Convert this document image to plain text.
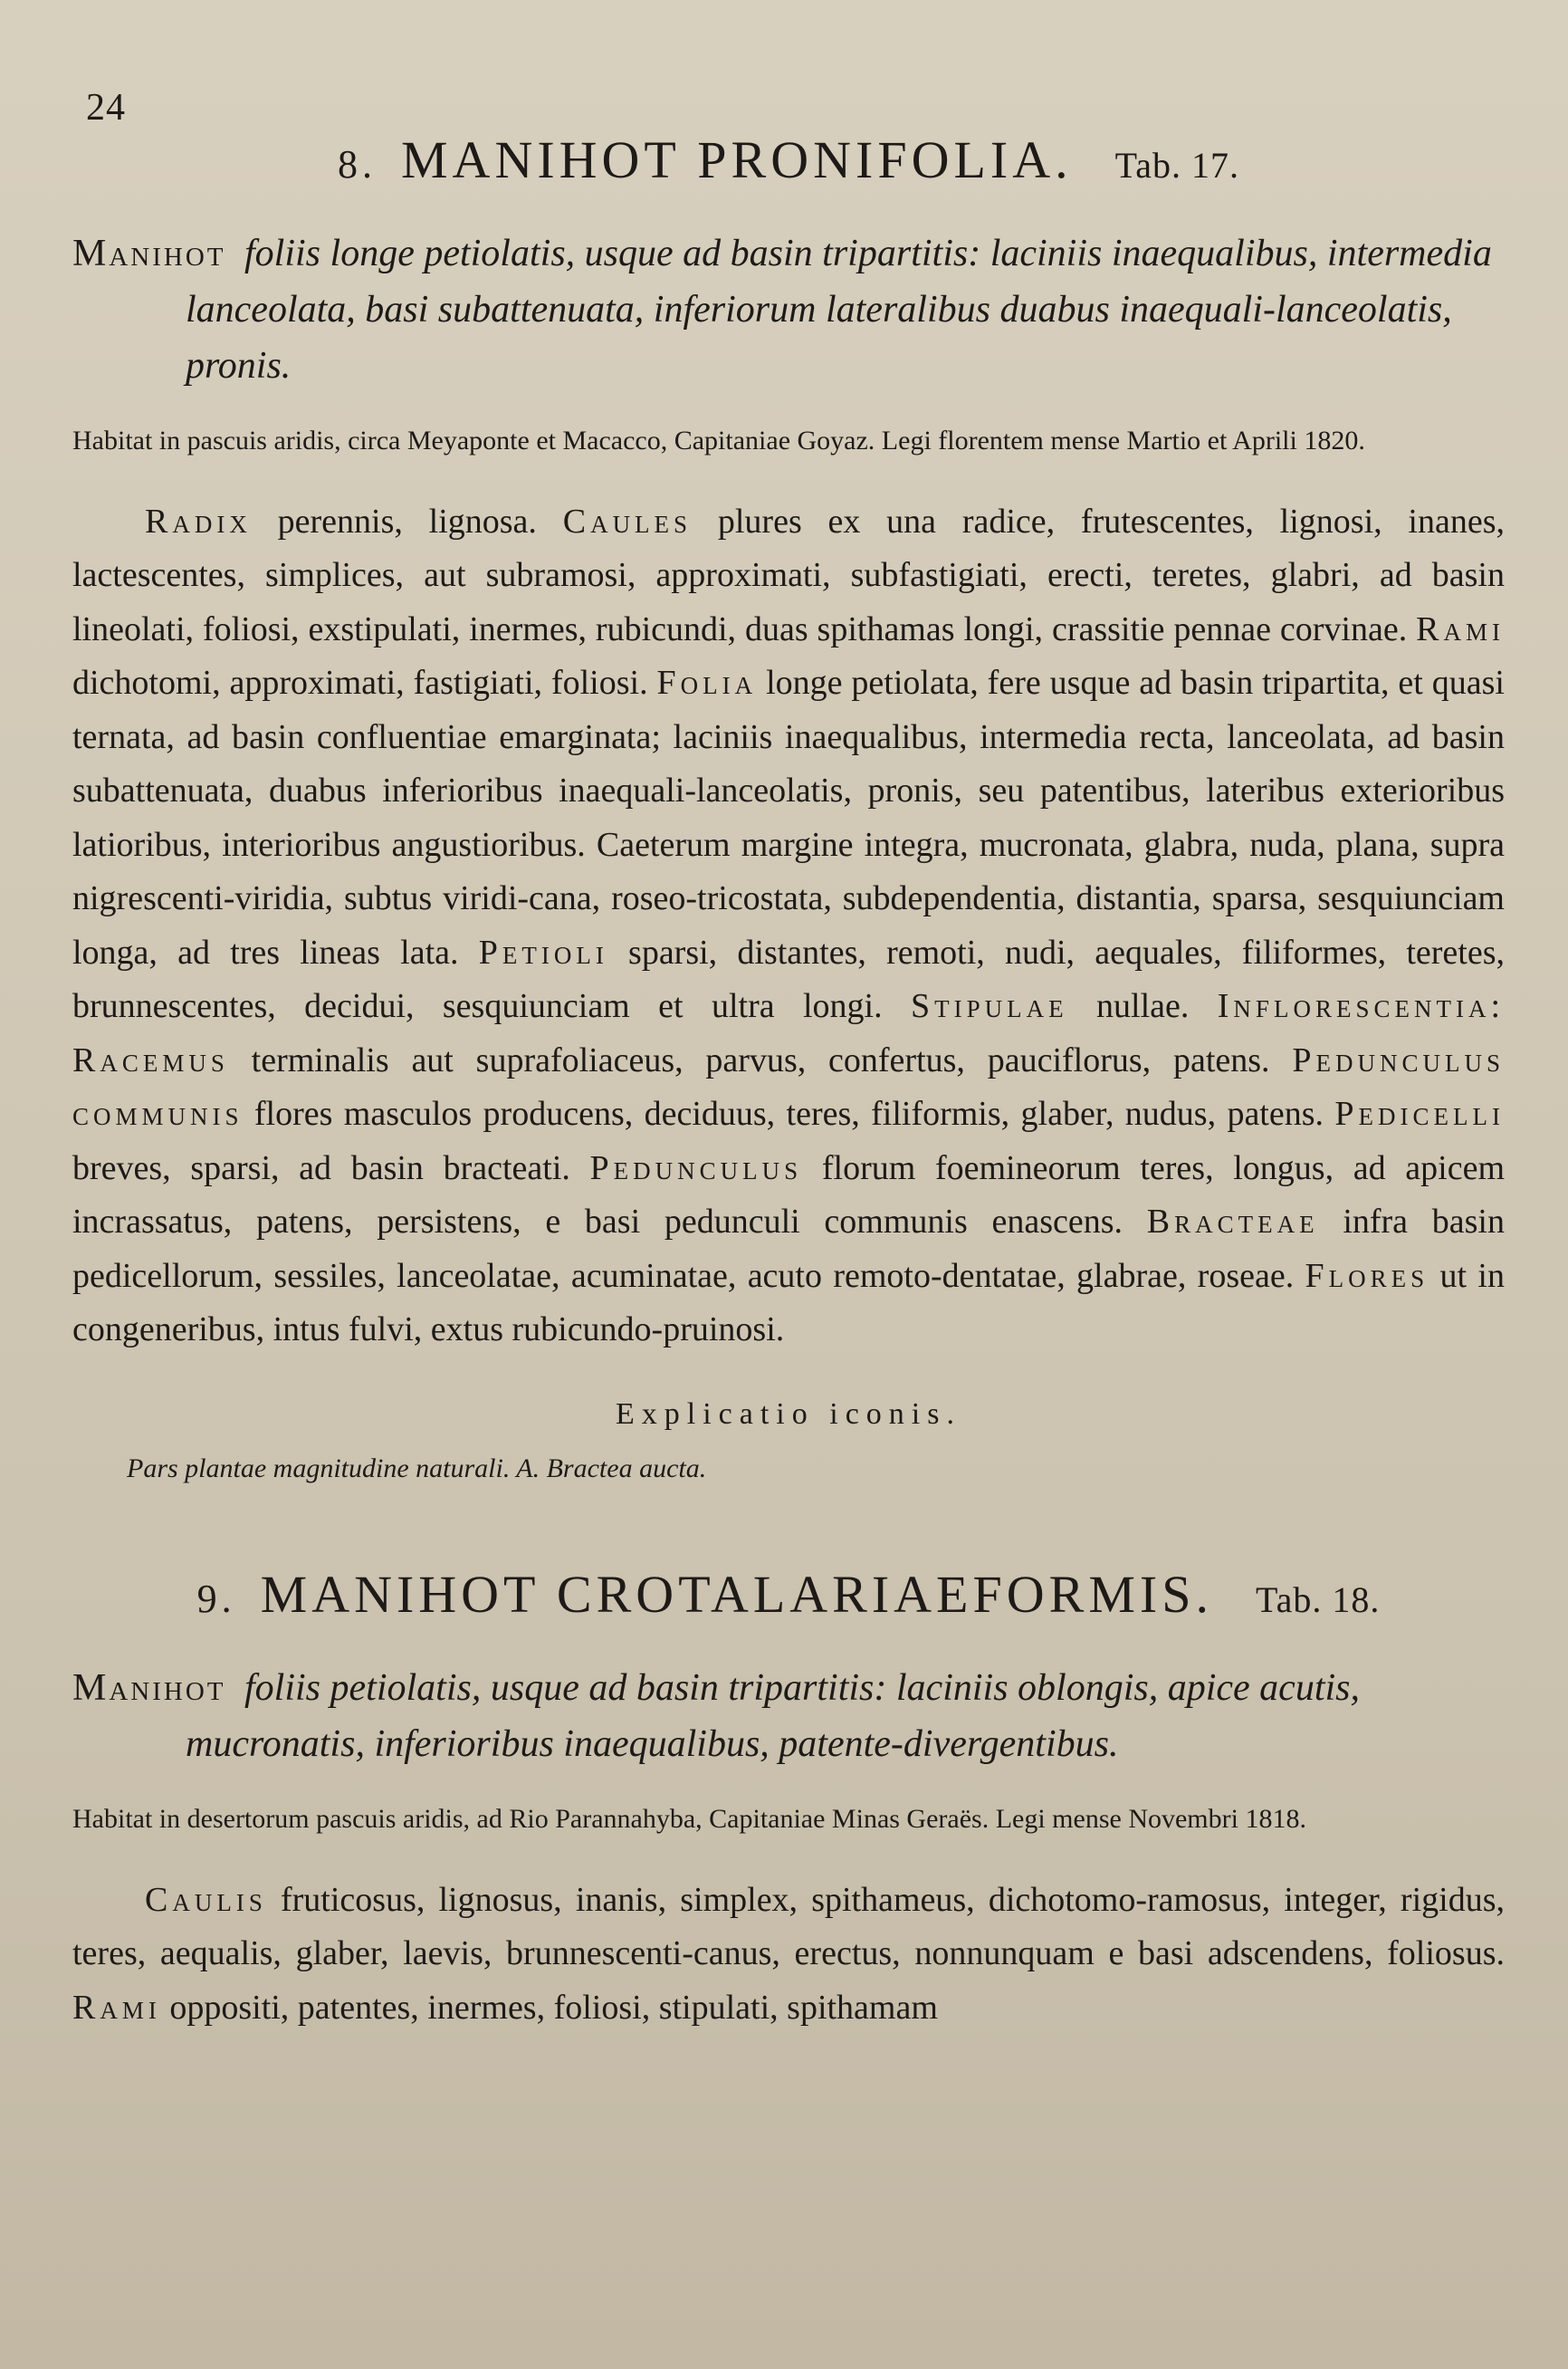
24
8. MANIHOT PRONIFOLIA. Tab. 17.

Manihot foliis longe petiolatis, usque ad basin tripartitis: laciniis inaequalibus, intermedia lanceolata, basi subattenuata, inferiorum lateralibus duabus inaequali-lanceolatis, pronis.

Habitat in pascuis aridis, circa Meyaponte et Macacco, Capitaniae Goyaz. Legi florentem mense Martio et Aprili 1820.

Radix perennis, lignosa. Caules plures ex una radice, frutescentes, lignosi, inanes, lactescentes, simplices, aut subramosi, approximati, subfastigiati, erecti, teretes, glabri, ad basin lineolati, foliosi, exstipulati, inermes, rubicundi, duas spithamas longi, crassitie pennae corvinae. Rami dichotomi, approximati, fastigiati, foliosi. Folia longe petiolata, fere usque ad basin tripartita, et quasi ternata, ad basin confluentiae emarginata; laciniis inaequalibus, intermedia recta, lanceolata, ad basin subattenuata, duabus inferioribus inaequali-lanceolatis, pronis, seu patentibus, lateribus exterioribus latioribus, interioribus angustioribus. Caeterum margine integra, mucronata, glabra, nuda, plana, supra nigrescenti-viridia, subtus viridi-cana, roseo-tricostata, subdependentia, distantia, sparsa, sesquiunciam longa, ad tres lineas lata. Petioli sparsi, distantes, remoti, nudi, aequales, filiformes, teretes, brunnescentes, decidui, sesquiunciam et ultra longi. Stipulae nullae. Inflorescentia: Racemus terminalis aut suprafoliaceus, parvus, confertus, pauciflorus, patens. Pedunculus communis flores masculos producens, deciduus, teres, filiformis, glaber, nudus, patens. Pedicelli breves, sparsi, ad basin bracteati. Pedunculus florum foemineorum teres, longus, ad apicem incrassatus, patens, persistens, e basi pedunculi communis enascens. Bracteae infra basin pedicellorum, sessiles, lanceolatae, acuminatae, acuto remoto-dentatae, glabrae, roseae. Flores ut in congeneribus, intus fulvi, extus rubicundo-pruinosi.

Explicatio iconis.

Pars plantae magnitudine naturali. A. Bractea aucta.

9. MANIHOT CROTALARIAEFORMIS. Tab. 18.

Manihot foliis petiolatis, usque ad basin tripartitis: laciniis oblongis, apice acutis, mucronatis, inferioribus inaequalibus, patente-divergentibus.

Habitat in desertorum pascuis aridis, ad Rio Parannahyba, Capitaniae Minas Geraës. Legi mense Novembri 1818.

Caulis fruticosus, lignosus, inanis, simplex, spithameus, dichotomo-ramosus, integer, rigidus, teres, aequalis, glaber, laevis, brunnescenti-canus, erectus, nonnunquam e basi adscendens, foliosus. Rami oppositi, patentes, inermes, foliosi, stipulati, spithamam
